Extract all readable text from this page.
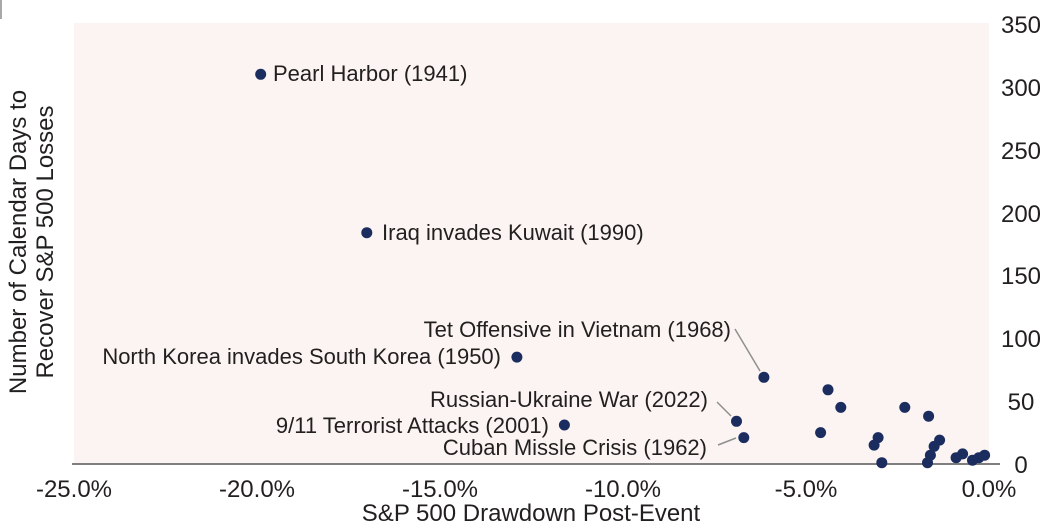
Pearl Harbor (1941)
Iraq invades Kuwait (1990)
Tet Offensive in Vietnam (1968)
North Korea invades South Korea (1950)
Russian-Ukraine War (2022)
9/11 Terrorist Attacks (2001)
Cuban Missle Crisis (1962)
-25.0%	-20.0%	-15.0%	-10.0%	-5.0%	0.0%
350
300
250
200
150
100
50
0
S&P 500 Drawdown Post-Event
Number of Calendar Days to Recover S&P 500 Losses
